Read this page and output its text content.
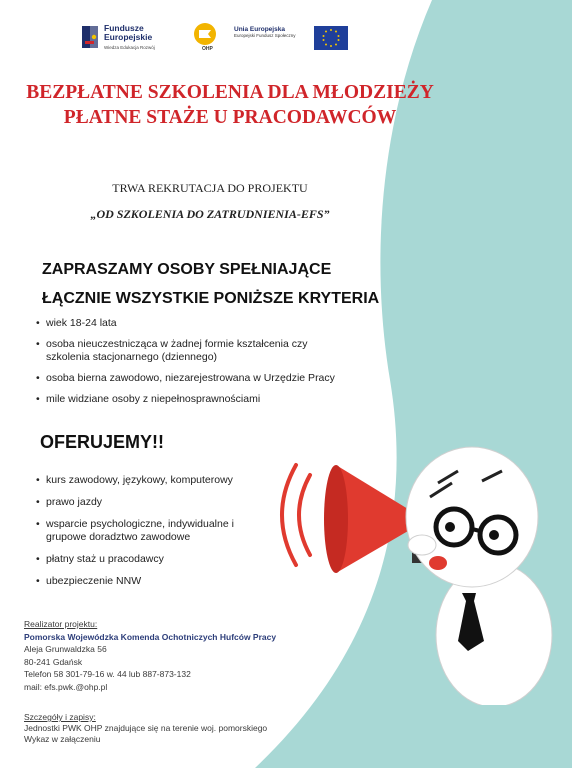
Fundusze
Europejskie
Wiedza Edukacja Rozwój	OHP
Unia Europejska
Europejski Fundusz Społeczny
BEZPŁATNE SZKOLENIA DLA MŁODZIEŻY
PŁATNE STAŻE U PRACODAWCÓW
TRWA REKRUTACJA DO PROJEKTU
„OD SZKOLENIA DO ZATRUDNIENIA-EFS”
ZAPRASZAMY OSOBY SPEŁNIAJĄCE
ŁĄCZNIE WSZYSTKIE PONIŻSZE KRYTERIA
• wiek 18-24 lata
• osoba nieuczestnicząca w żadnej formie kształcenia czy szkolenia stacjonarnego (dziennego)
• osoba bierna zawodowo, niezarejestrowana w Urzędzie Pracy
• mile widziane osoby z niepełnosprawnościami
OFERUJEMY!!
• kurs zawodowy, językowy, komputerowy
• prawo jazdy
• wsparcie psychologiczne, indywidualne i grupowe doradztwo zawodowe
• płatny staż u pracodawcy
• ubezpieczenie NNW
Realizator projektu:
Pomorska Wojewódzka Komenda Ochotniczych Hufców Pracy
Aleja Grunwaldzka 56
80-241 Gdańsk
Telefon 58 301-79-16 w. 44 lub 887-873-132
mail: efs.pwk.@ohp.pl
Szczegóły i zapisy:
Jednostki PWK OHP znajdujące się na terenie woj. pomorskiego
Wykaz w załączeniu
